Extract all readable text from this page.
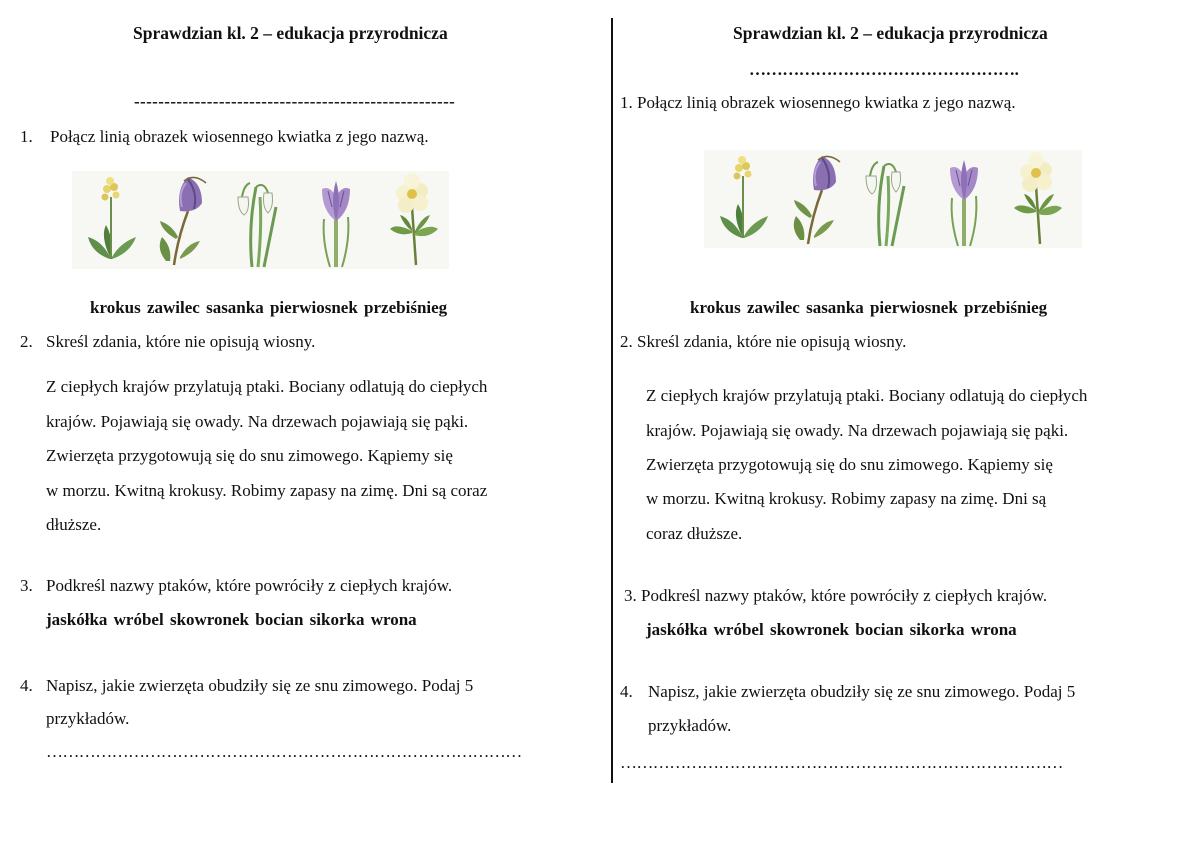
Sprawdzian kl. 2 – edukacja przyrodnicza
-----------------------------------------------------
1. Połącz linią obrazek wiosennego kwiatka z jego nazwą.
krokus zawilec sasanka pierwiosnek przebiśnieg
2. Skreśl zdania, które nie opisują wiosny.
Z ciepłych krajów przylatują ptaki. Bociany odlatują do ciepłych
krajów. Pojawiają się owady. Na drzewach pojawiają się pąki.
Zwierzęta przygotowują się do snu zimowego. Kąpiemy się
w morzu. Kwitną krokusy. Robimy zapasy na zimę. Dni są coraz
dłuższe.
3. Podkreśl nazwy ptaków, które powróciły z ciepłych krajów.
jaskółka wróbel skowronek bocian sikorka wrona
4. Napisz, jakie zwierzęta obudziły się ze snu zimowego. Podaj 5
przykładów.
……………………………………………………………………………
Sprawdzian kl. 2 – edukacja przyrodnicza
………………………………………….
1. Połącz linią obrazek wiosennego kwiatka z jego nazwą.
krokus zawilec sasanka pierwiosnek przebiśnieg
2. Skreśl zdania, które nie opisują wiosny.
Z ciepłych krajów przylatują ptaki. Bociany odlatują do ciepłych
krajów. Pojawiają się owady. Na drzewach pojawiają się pąki.
Zwierzęta przygotowują się do snu zimowego. Kąpiemy się
w morzu. Kwitną krokusy. Robimy zapasy na zimę. Dni są
coraz dłuższe.
3. Podkreśl nazwy ptaków, które powróciły z ciepłych krajów.
jaskółka wróbel skowronek bocian sikorka wrona
4. Napisz, jakie zwierzęta obudziły się ze snu zimowego. Podaj 5
przykładów.
………………………………………………………………………
